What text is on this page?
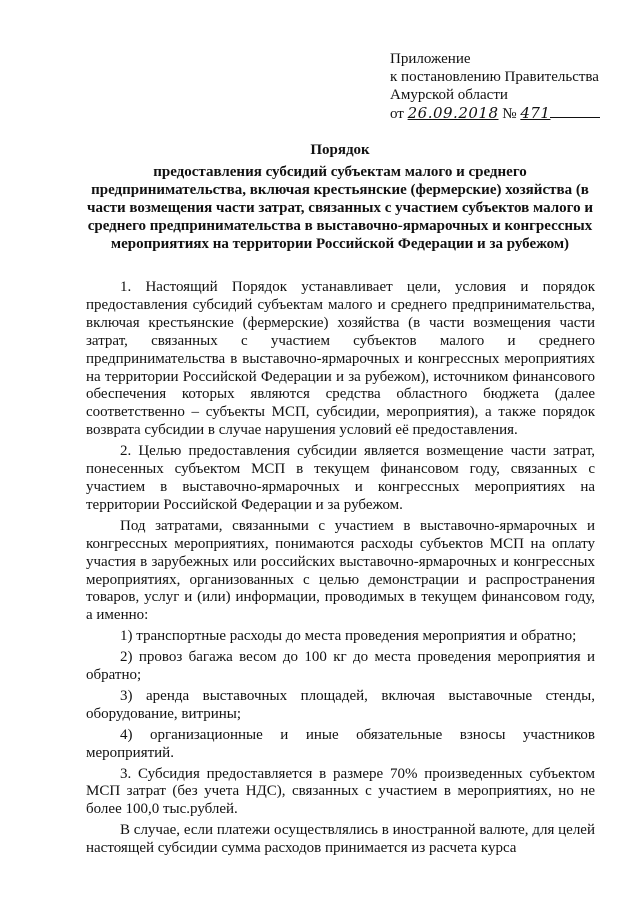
Приложение
к постановлению Правительства
Амурской области
от 26.09.2018 № 471
Порядок
предоставления субсидий субъектам малого и среднего предпринимательства, включая крестьянские (фермерские) хозяйства (в части возмещения части затрат, связанных с участием субъектов малого и среднего предпринимательства в выставочно-ярмарочных и конгрессных мероприятиях на территории Российской Федерации и за рубежом)

1. Настоящий Порядок устанавливает цели, условия и порядок предоставления субсидий субъектам малого и среднего предпринимательства, включая крестьянские (фермерские) хозяйства (в части возмещения части затрат, связанных с участием субъектов малого и среднего предпринимательства в выставочно-ярмарочных и конгрессных мероприятиях на территории Российской Федерации и за рубежом), источником финансового обеспечения которых являются средства областного бюджета (далее соответственно – субъекты МСП, субсидии, мероприятия), а также порядок возврата субсидии в случае нарушения условий её предоставления.

2. Целью предоставления субсидии является возмещение части затрат, понесенных субъектом МСП в текущем финансовом году, связанных с участием в выставочно-ярмарочных и конгрессных мероприятиях на территории Российской Федерации и за рубежом.

Под затратами, связанными с участием в выставочно-ярмарочных и конгрессных мероприятиях, понимаются расходы субъектов МСП на оплату участия в зарубежных или российских выставочно-ярмарочных и конгрессных мероприятиях, организованных с целью демонстрации и распространения товаров, услуг и (или) информации, проводимых в текущем финансовом году, а именно:

1) транспортные расходы до места проведения мероприятия и обратно;

2) провоз багажа весом до 100 кг до места проведения мероприятия и обратно;

3) аренда выставочных площадей, включая выставочные стенды, оборудование, витрины;

4) организационные и иные обязательные взносы участников мероприятий.

3. Субсидия предоставляется в размере 70% произведенных субъектом МСП затрат (без учета НДС), связанных с участием в мероприятиях, но не более 100,0 тыс.рублей.

В случае, если платежи осуществлялись в иностранной валюте, для целей настоящей субсидии сумма расходов принимается из расчета курса
